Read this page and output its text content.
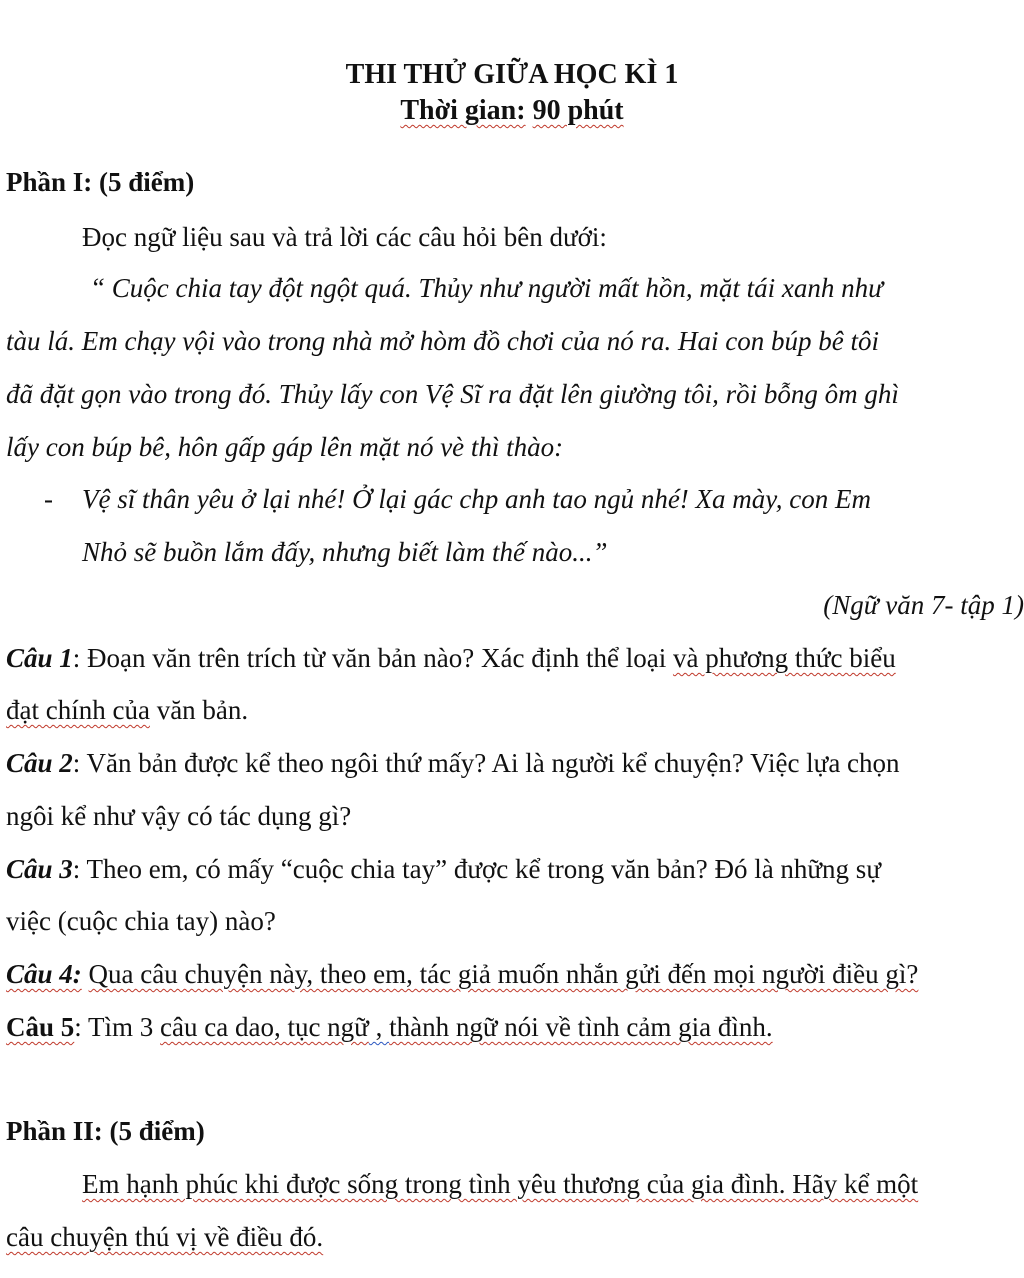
THI THỬ GIỮA HỌC KÌ 1
Thời gian: 90 phút
Phần I: (5 điểm)
Đọc ngữ liệu sau và trả lời các câu hỏi bên dưới:
“ Cuộc chia tay đột ngột quá. Thủy như người mất hồn, mặt tái xanh như
tàu lá. Em chạy vội vào trong nhà mở hòm đồ chơi của nó ra. Hai con búp bê tôi
đã đặt gọn vào trong đó. Thủy lấy con Vệ Sĩ ra đặt lên giường tôi, rồi bỗng ôm ghì
lấy con búp bê, hôn gấp gáp lên mặt nó vè thì thào:
- Vệ sĩ thân yêu ở lại nhé! Ở lại gác chp anh tao ngủ nhé! Xa mày, con Em
Nhỏ sẽ buồn lắm đấy, nhưng biết làm thế nào...”
(Ngữ văn 7- tập 1)
Câu 1: Đoạn văn trên trích từ văn bản nào? Xác định thể loại và phương thức biểu
đạt chính của văn bản.
Câu 2: Văn bản được kể theo ngôi thứ mấy? Ai là người kể chuyện? Việc lựa chọn
ngôi kể như vậy có tác dụng gì?
Câu 3: Theo em, có mấy “cuộc chia tay” được kể trong văn bản? Đó là những sự
việc (cuộc chia tay) nào?
Câu 4: Qua câu chuyện này, theo em, tác giả muốn nhắn gửi đến mọi người điều gì?
Câu 5: Tìm 3 câu ca dao, tục ngữ , thành ngữ nói về tình cảm gia đình.
Phần II: (5 điểm)
Em hạnh phúc khi được sống trong tình yêu thương của gia đình. Hãy kể một
câu chuyện thú vị về điều đó.
